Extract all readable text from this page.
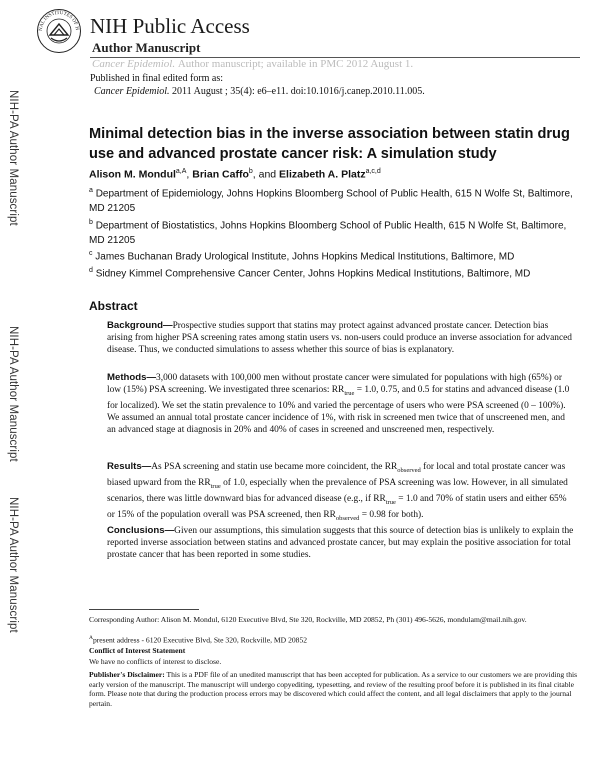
NAL INSTITUTES OF H NIH Public Access
Author Manuscript
Cancer Epidemiol. Author manuscript; available in PMC 2012 August 1.
Published in final edited form as:
Cancer Epidemiol. 2011 August ; 35(4): e6–e11. doi:10.1016/j.canep.2010.11.005.
NIH-PA Author Manuscript
NIH-PA Author Manuscript
NIH-PA Author Manuscript
Minimal detection bias in the inverse association between statin drug use and advanced prostate cancer risk: A simulation study
Alison M. Mondul$^{a,A}$, Brian Caffo$^b$, and Elizabeth A. Platz$^{a,c,d}$
$^a$ Department of Epidemiology, Johns Hopkins Bloomberg School of Public Health, 615 N Wolfe St, Baltimore, MD 21205
$^b$ Department of Biostatistics, Johns Hopkins Bloomberg School of Public Health, 615 N Wolfe St, Baltimore, MD 21205
$^c$ James Buchanan Brady Urological Institute, Johns Hopkins Medical Institutions, Baltimore, MD
$^d$ Sidney Kimmel Comprehensive Cancer Center, Johns Hopkins Medical Institutions, Baltimore, MD
Abstract
Background—Prospective studies support that statins may protect against advanced prostate cancer. Detection bias arising from higher PSA screening rates among statin users vs. non-users could produce an inverse association for advanced disease. Thus, we conducted simulations to assess whether this source of bias is explanatory.
Methods—3,000 datasets with 100,000 men without prostate cancer were simulated for populations with high (65%) or low (15%) PSA screening. We investigated three scenarios: $RR_{true} = 1.0$, 0.75, and 0.5 for statins and advanced disease (1.0 for localized). We set the statin prevalence to 10% and varied the percentage of users who were PSA screened (0 – 100%). We assumed an annual total prostate cancer incidence of 1%, with risk in screened men twice that of unscreened men, and an advanced stage at diagnosis in 20% and 40% of cases in screened and unscreened men, respectively.
Results—As PSA screening and statin use became more coincident, the $RR_{observed}$ for local and total prostate cancer was biased upward from the $RR_{true}$ of 1.0, especially when the prevalence of PSA screening was low. However, in all simulated scenarios, there was little downward bias for advanced disease (e.g., if $RR_{true} = 1.0$ and 70% of statin users and either 65% or 15% of the population overall was PSA screened, then $RR_{observed} = 0.98$ for both).
Conclusions—Given our assumptions, this simulation suggests that this source of detection bias is unlikely to explain the reported inverse association between statins and advanced prostate cancer, but may explain the positive association for total prostate cancer that has been reported in some studies.
Corresponding Author: Alison M. Mondul, 6120 Executive Blvd, Ste 320, Rockville, MD 20852, Ph (301) 496-5626, mondulam@mail.nih.gov.
$^A$present address - 6120 Executive Blvd, Ste 320, Rockville, MD 20852
Conflict of Interest Statement
We have no conflicts of interest to disclose.
Publisher's Disclaimer: This is a PDF file of an unedited manuscript that has been accepted for publication. As a service to our customers we are providing this early version of the manuscript. The manuscript will undergo copyediting, typesetting, and review of the resulting proof before it is published in its final citable form. Please note that during the production process errors may be discovered which could affect the content, and all legal disclaimers that apply to the journal pertain.
